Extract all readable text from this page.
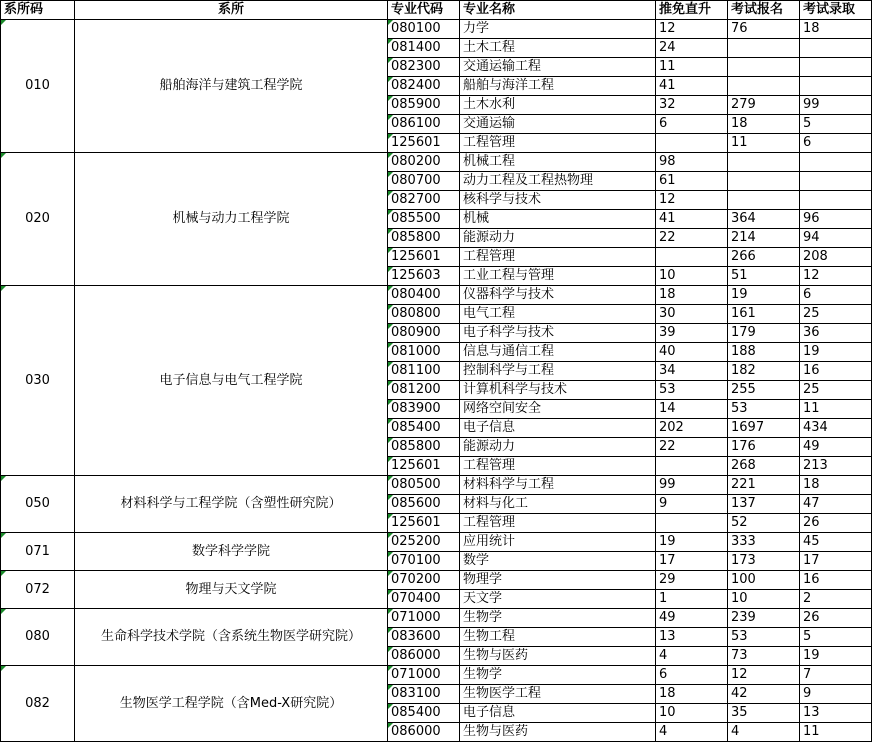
系所码	系所	专业代码	专业名称	推免直升	考试报名	考试录取
010	船舶海洋与建筑工程学院	080100	力学	12	76	18
		081400	土木工程	24		
		082300	交通运输工程	11		
		082400	船舶与海洋工程	41		
		085900	土木水利	32	279	99
		086100	交通运输	6	18	5
		125601	工程管理		11	6
020	机械与动力工程学院	080200	机械工程	98		
		080700	动力工程及工程热物理	61		
		082700	核科学与技术	12		
		085500	机械	41	364	96
		085800	能源动力	22	214	94
		125601	工程管理		266	208
		125603	工业工程与管理	10	51	12
030	电子信息与电气工程学院	080400	仪器科学与技术	18	19	6
		080800	电气工程	30	161	25
		080900	电子科学与技术	39	179	36
		081000	信息与通信工程	40	188	19
		081100	控制科学与工程	34	182	16
		081200	计算机科学与技术	53	255	25
		083900	网络空间安全	14	53	11
		085400	电子信息	202	1697	434
		085800	能源动力	22	176	49
		125601	工程管理		268	213
050	材料科学与工程学院（含塑性研究院）	080500	材料科学与工程	99	221	18
		085600	材料与化工	9	137	47
		125601	工程管理		52	26
071	数学科学学院	025200	应用统计	19	333	45
		070100	数学	17	173	17
072	物理与天文学院	070200	物理学	29	100	16
		070400	天文学	1	10	2
080	生命科学技术学院（含系统生物医学研究院）	071000	生物学	49	239	26
		083600	生物工程	13	53	5
		086000	生物与医药	4	73	19
082	生物医学工程学院（含Med-X研究院）	071000	生物学	6	12	7
		083100	生物医学工程	18	42	9
		085400	电子信息	10	35	13
		086000	生物与医药	4	4	11
